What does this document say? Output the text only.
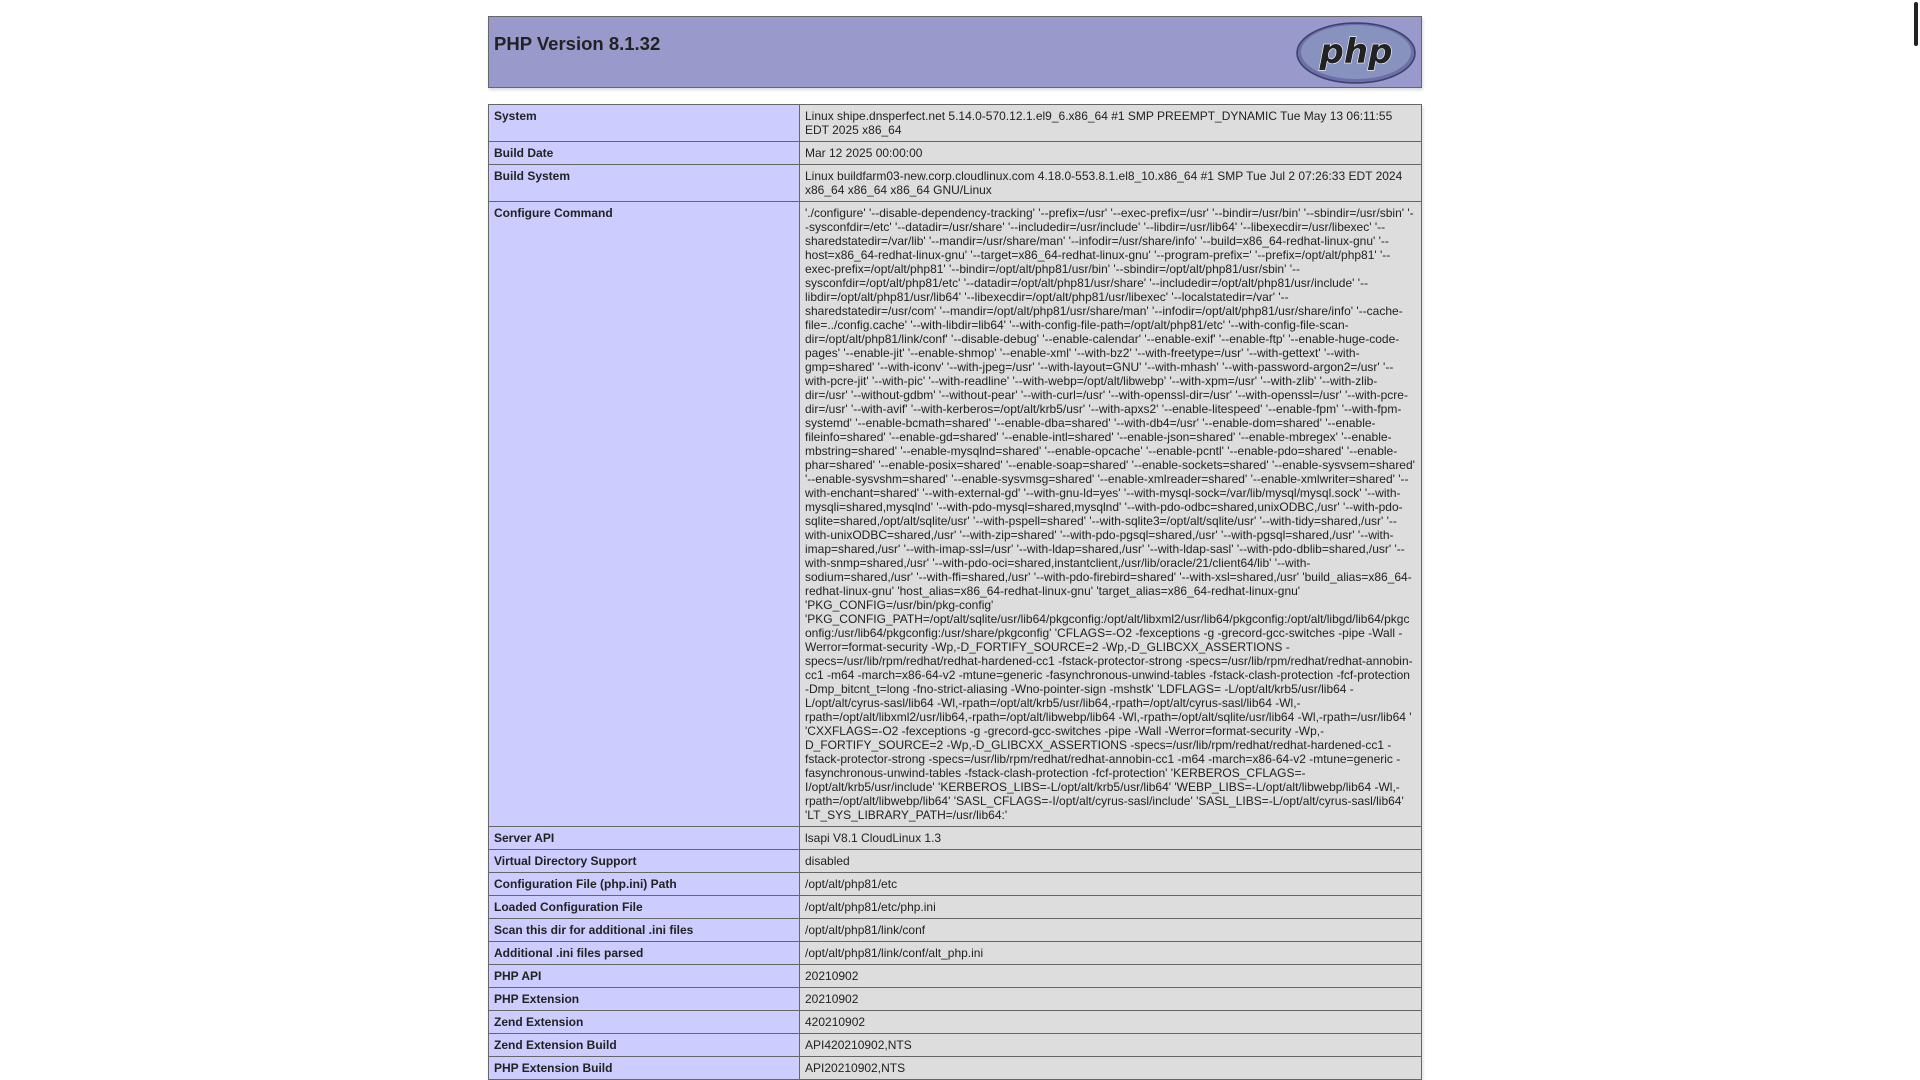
PHP Version 8.1.32	php
System	Linux shipe.dnsperfect.net 5.14.0-570.12.1.el9_6.x86_64 #1 SMP PREEMPT_DYNAMIC Tue May 13 06:11:55 EDT 2025 x86_64
Build Date	Mar 12 2025 00:00:00
Build System	Linux buildfarm03-new.corp.cloudlinux.com 4.18.0-553.8.1.el8_10.x86_64 #1 SMP Tue Jul 2 07:26:33 EDT 2024 x86_64 x86_64 x86_64 GNU/Linux
Configure Command	'./configure' '--disable-dependency-tracking' '--prefix=/usr' '--exec-prefix=/usr' '--bindir=/usr/bin' '--sbindir=/usr/sbin' '--sysconfdir=/etc' '--datadir=/usr/share' '--includedir=/usr/include' '--libdir=/usr/lib64' '--libexecdir=/usr/libexec' '--sharedstatedir=/var/lib' '--mandir=/usr/share/man' '--infodir=/usr/share/info' '--build=x86_64-redhat-linux-gnu' '--host=x86_64-redhat-linux-gnu' '--target=x86_64-redhat-linux-gnu' '--program-prefix=' '--prefix=/opt/alt/php81' '--exec-prefix=/opt/alt/php81' '--bindir=/opt/alt/php81/usr/bin' '--sbindir=/opt/alt/php81/usr/sbin' '--sysconfdir=/opt/alt/php81/etc' '--datadir=/opt/alt/php81/usr/share' '--includedir=/opt/alt/php81/usr/include' '--libdir=/opt/alt/php81/usr/lib64' '--libexecdir=/opt/alt/php81/usr/libexec' '--localstatedir=/var' '--sharedstatedir=/usr/com' '--mandir=/opt/alt/php81/usr/share/man' '--infodir=/opt/alt/php81/usr/share/info' '--cache-file=../config.cache' '--with-libdir=lib64' '--with-config-file-path=/opt/alt/php81/etc' '--with-config-file-scan-dir=/opt/alt/php81/link/conf' '--disable-debug' '--enable-calendar' '--enable-exif' '--enable-ftp' '--enable-huge-code-pages' '--enable-jit' '--enable-shmop' '--enable-xml' '--with-bz2' '--with-freetype=/usr' '--with-gettext' '--with-gmp=shared' '--with-iconv' '--with-jpeg=/usr' '--with-layout=GNU' '--with-mhash' '--with-password-argon2=/usr' '--with-pcre-jit' '--with-pic' '--with-readline' '--with-webp=/opt/alt/libwebp' '--with-xpm=/usr' '--with-zlib' '--with-zlib-dir=/usr' '--without-gdbm' '--without-pear' '--with-curl=/usr' '--with-openssl-dir=/usr' '--with-openssl=/usr' '--with-pcre-dir=/usr' '--with-avif' '--with-kerberos=/opt/alt/krb5/usr' '--with-apxs2' '--enable-litespeed' '--enable-fpm' '--with-fpm-systemd' '--enable-bcmath=shared' '--enable-dba=shared' '--with-db4=/usr' '--enable-dom=shared' '--enable-fileinfo=shared' '--enable-gd=shared' '--enable-intl=shared' '--enable-json=shared' '--enable-mbregex' '--enable-mbstring=shared' '--enable-mysqlnd=shared' '--enable-opcache' '--enable-pcntl' '--enable-pdo=shared' '--enable-phar=shared' '--enable-posix=shared' '--enable-soap=shared' '--enable-sockets=shared' '--enable-sysvsem=shared' '--enable-sysvshm=shared' '--enable-sysvmsg=shared' '--enable-xmlreader=shared' '--enable-xmlwriter=shared' '--with-enchant=shared' '--with-external-gd' '--with-gnu-ld=yes' '--with-mysql-sock=/var/lib/mysql/mysql.sock' '--with-mysqli=shared,mysqlnd' '--with-pdo-mysql=shared,mysqlnd' '--with-pdo-odbc=shared,unixODBC,/usr' '--with-pdo-sqlite=shared,/opt/alt/sqlite/usr' '--with-pspell=shared' '--with-sqlite3=/opt/alt/sqlite/usr' '--with-tidy=shared,/usr' '--with-unixODBC=shared,/usr' '--with-zip=shared' '--with-pdo-pgsql=shared,/usr' '--with-pgsql=shared,/usr' '--with-imap=shared,/usr' '--with-imap-ssl=/usr' '--with-ldap=shared,/usr' '--with-ldap-sasl' '--with-pdo-dblib=shared,/usr' '--with-snmp=shared,/usr' '--with-pdo-oci=shared,instantclient,/usr/lib/oracle/21/client64/lib' '--with-sodium=shared,/usr' '--with-ffi=shared,/usr' '--with-pdo-firebird=shared' '--with-xsl=shared,/usr' 'build_alias=x86_64-redhat-linux-gnu' 'host_alias=x86_64-redhat-linux-gnu' 'target_alias=x86_64-redhat-linux-gnu' 'PKG_CONFIG=/usr/bin/pkg-config' 'PKG_CONFIG_PATH=/opt/alt/sqlite/usr/lib64/pkgconfig:/opt/alt/libxml2/usr/lib64/pkgconfig:/opt/alt/libgd/lib64/pkgconfig:/usr/lib64/pkgconfig:/usr/share/pkgconfig' 'CFLAGS=-O2 -fexceptions -g -grecord-gcc-switches -pipe -Wall -Werror=format-security -Wp,-D_FORTIFY_SOURCE=2 -Wp,-D_GLIBCXX_ASSERTIONS -specs=/usr/lib/rpm/redhat/redhat-hardened-cc1 -fstack-protector-strong -specs=/usr/lib/rpm/redhat/redhat-annobin-cc1 -m64 -march=x86-64-v2 -mtune=generic -fasynchronous-unwind-tables -fstack-clash-protection -fcf-protection -Dmp_bitcnt_t=long -fno-strict-aliasing -Wno-pointer-sign -mshstk' 'LDFLAGS= -L/opt/alt/krb5/usr/lib64 -L/opt/alt/cyrus-sasl/lib64 -Wl,-rpath=/opt/alt/krb5/usr/lib64,-rpath=/opt/alt/cyrus-sasl/lib64 -Wl,-rpath=/opt/alt/libxml2/usr/lib64,-rpath=/opt/alt/libwebp/lib64 -Wl,-rpath=/opt/alt/sqlite/usr/lib64 -Wl,-rpath=/usr/lib64 ' 'CXXFLAGS=-O2 -fexceptions -g -grecord-gcc-switches -pipe -Wall -Werror=format-security -Wp,-D_FORTIFY_SOURCE=2 -Wp,-D_GLIBCXX_ASSERTIONS -specs=/usr/lib/rpm/redhat/redhat-hardened-cc1 -fstack-protector-strong -specs=/usr/lib/rpm/redhat/redhat-annobin-cc1 -m64 -march=x86-64-v2 -mtune=generic -fasynchronous-unwind-tables -fstack-clash-protection -fcf-protection' 'KERBEROS_CFLAGS=-I/opt/alt/krb5/usr/include' 'KERBEROS_LIBS=-L/opt/alt/krb5/usr/lib64' 'WEBP_LIBS=-L/opt/alt/libwebp/lib64 -Wl,-rpath=/opt/alt/libwebp/lib64' 'SASL_CFLAGS=-I/opt/alt/cyrus-sasl/include' 'SASL_LIBS=-L/opt/alt/cyrus-sasl/lib64' 'LT_SYS_LIBRARY_PATH=/usr/lib64:'
Server API	lsapi V8.1 CloudLinux 1.3
Virtual Directory Support	disabled
Configuration File (php.ini) Path	/opt/alt/php81/etc
Loaded Configuration File	/opt/alt/php81/etc/php.ini
Scan this dir for additional .ini files	/opt/alt/php81/link/conf
Additional .ini files parsed	/opt/alt/php81/link/conf/alt_php.ini
PHP API	20210902
PHP Extension	20210902
Zend Extension	420210902
Zend Extension Build	API420210902,NTS
PHP Extension Build	API20210902,NTS
